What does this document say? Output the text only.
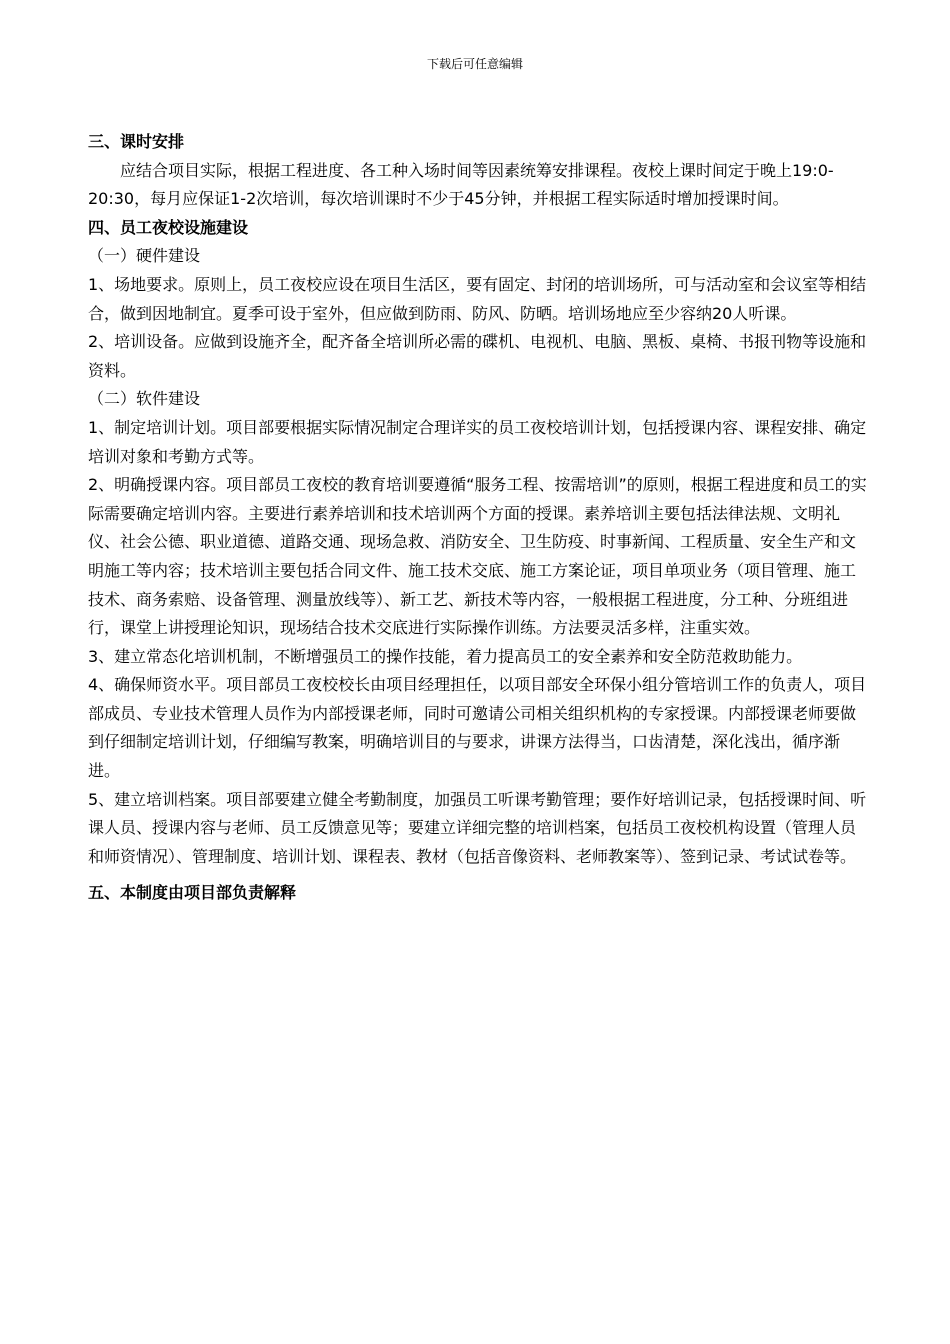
下载后可任意编辑

三、课时安排

应结合项目实际，根据工程进度、各工种入场时间等因素统筹安排课程。夜校上课时间定于晚上19:0-20:30，每月应保证1-2次培训，每次培训课时不少于45分钟，并根据工程实际适时增加授课时间。

四、员工夜校设施建设

（一）硬件建设

1、场地要求。原则上，员工夜校应设在项目生活区，要有固定、封闭的培训场所，可与活动室和会议室等相结合，做到因地制宜。夏季可设于室外，但应做到防雨、防风、防晒。培训场地应至少容纳20人听课。

2、培训设备。应做到设施齐全，配齐备全培训所必需的碟机、电视机、电脑、黑板、桌椅、书报刊物等设施和资料。

（二）软件建设

1、制定培训计划。项目部要根据实际情况制定合理详实的员工夜校培训计划，包括授课内容、课程安排、确定培训对象和考勤方式等。

2、明确授课内容。项目部员工夜校的教育培训要遵循“服务工程、按需培训”的原则，根据工程进度和员工的实际需要确定培训内容。主要进行素养培训和技术培训两个方面的授课。素养培训主要包括法律法规、文明礼仪、社会公德、职业道德、道路交通、现场急救、消防安全、卫生防疫、时事新闻、工程质量、安全生产和文明施工等内容；技术培训主要包括合同文件、施工技术交底、施工方案论证，项目单项业务（项目管理、施工技术、商务索赔、设备管理、测量放线等）、新工艺、新技术等内容，一般根据工程进度，分工种、分班组进行，课堂上讲授理论知识，现场结合技术交底进行实际操作训练。方法要灵活多样，注重实效。

3、建立常态化培训机制，不断增强员工的操作技能，着力提高员工的安全素养和安全防范救助能力。

4、确保师资水平。项目部员工夜校校长由项目经理担任，以项目部安全环保小组分管培训工作的负责人，项目部成员、专业技术管理人员作为内部授课老师，同时可邀请公司相关组织机构的专家授课。内部授课老师要做到仔细制定培训计划，仔细编写教案，明确培训目的与要求，讲课方法得当，口齿清楚，深化浅出，循序渐进。

5、建立培训档案。项目部要建立健全考勤制度，加强员工听课考勤管理；要作好培训记录，包括授课时间、听课人员、授课内容与老师、员工反馈意见等；要建立详细完整的培训档案，包括员工夜校机构设置（管理人员和师资情况）、管理制度、培训计划、课程表、教材（包括音像资料、老师教案等）、签到记录、考试试卷等。

五、本制度由项目部负责解释
